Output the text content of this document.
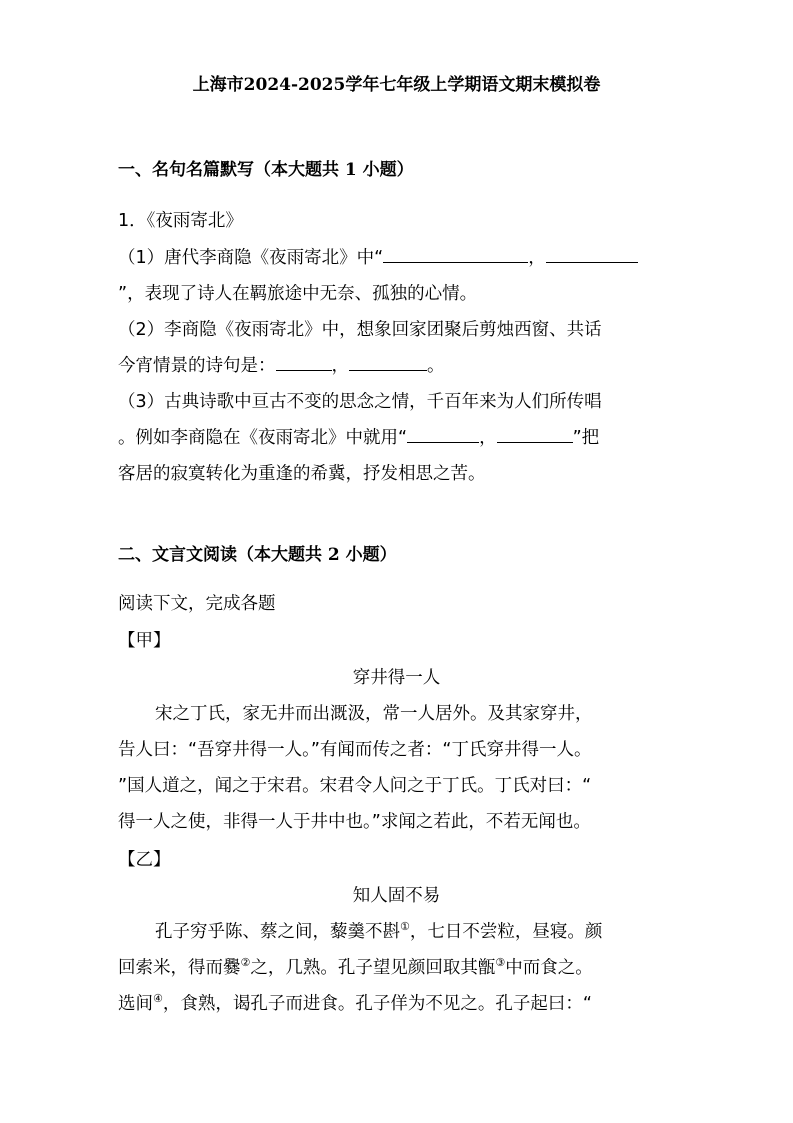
上海市2024-2025学年七年级上学期语文期末模拟卷
一、名句名篇默写（本大题共 1 小题）
1．《夜雨寄北》
（1）唐代李商隐《夜雨寄北》中“	，
”，表现了诗人在羁旅途中无奈、孤独的心情。
（2）李商隐《夜雨寄北》中，想象回家团聚后剪烛西窗、共话
今宵情景的诗句是：	，	。
（3）古典诗歌中亘古不变的思念之情，千百年来为人们所传唱
。例如李商隐在《夜雨寄北》中就用“	，	”把
客居的寂寞转化为重逢的希冀，抒发相思之苦。
二、文言文阅读（本大题共 2 小题）
阅读下文，完成各题
【甲】
穿井得一人
宋之丁氏，家无井而出溉汲，常一人居外。及其家穿井，
告人曰：“吾穿井得一人。”有闻而传之者：“丁氏穿井得一人。
”国人道之，闻之于宋君。宋君令人问之于丁氏。丁氏对曰：“
得一人之使，非得一人于井中也。”求闻之若此，不若无闻也。
【乙】
知人固不易
孔子穷乎陈、蔡之间，藜羹不斟①，七日不尝粒，昼寝。颜
回索米，得而爨②之，几熟。孔子望见颜回取其甑③中而食之。
选间④，食熟，谒孔子而进食。孔子佯为不见之。孔子起曰：“
